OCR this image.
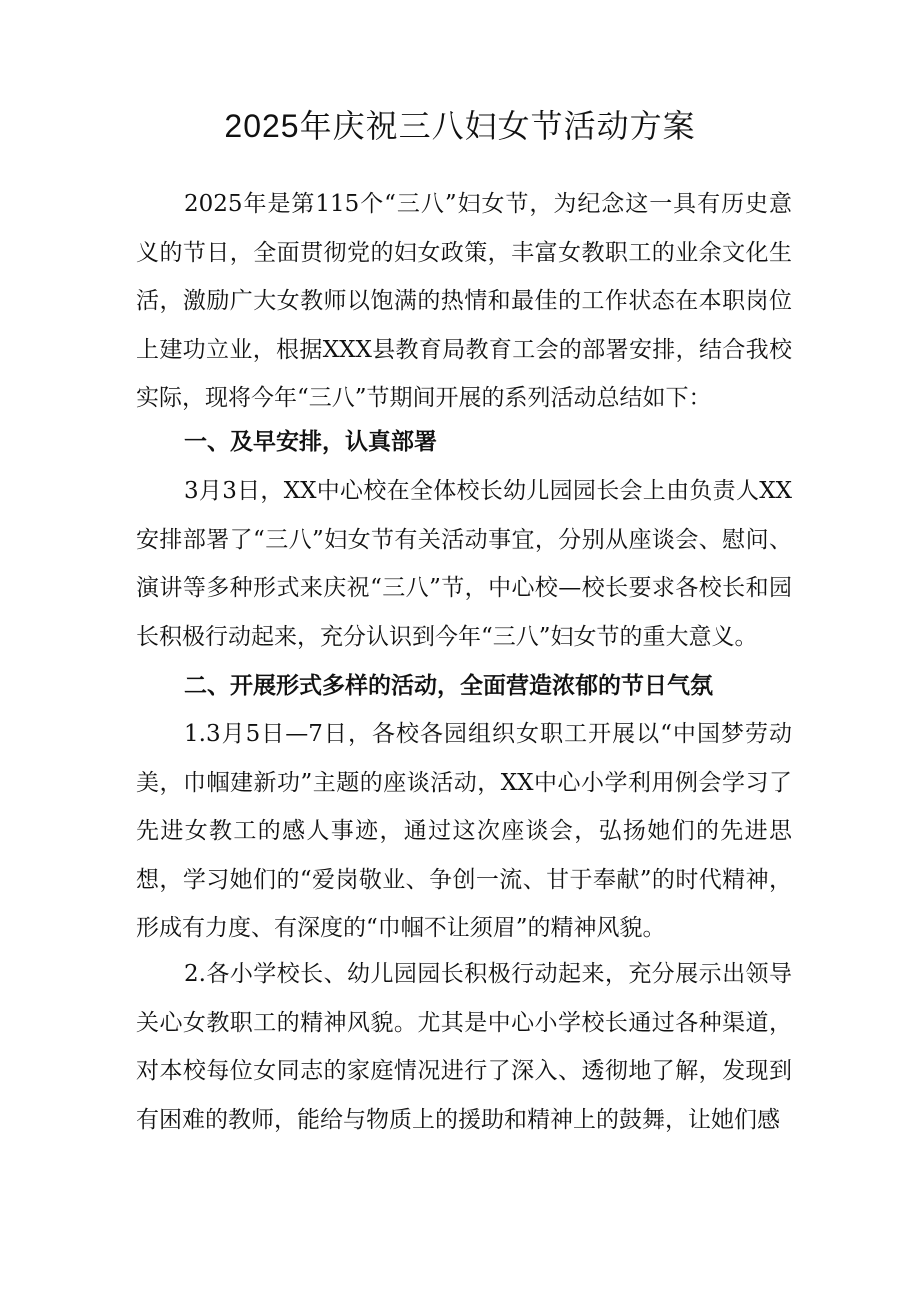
2025年庆祝三八妇女节活动方案

2025年是第115个“三八”妇女节，为纪念这一具有历史意义的节日，全面贯彻党的妇女政策，丰富女教职工的业余文化生活，激励广大女教师以饱满的热情和最佳的工作状态在本职岗位上建功立业，根据XXX县教育局教育工会的部署安排，结合我校实际，现将今年“三八”节期间开展的系列活动总结如下：

一、及早安排，认真部署

3月3日，XX中心校在全体校长幼儿园园长会上由负责人XX安排部署了“三八”妇女节有关活动事宜，分别从座谈会、慰问、演讲等多种形式来庆祝“三八”节，中心校—校长要求各校长和园长积极行动起来，充分认识到今年“三八”妇女节的重大意义。

二、开展形式多样的活动，全面营造浓郁的节日气氛

1.3月5日—7日，各校各园组织女职工开展以“中国梦劳动美，巾帼建新功”主题的座谈活动，XX中心小学利用例会学习了先进女教工的感人事迹，通过这次座谈会，弘扬她们的先进思想，学习她们的“爱岗敬业、争创一流、甘于奉献”的时代精神，形成有力度、有深度的“巾帼不让须眉”的精神风貌。

2.各小学校长、幼儿园园长积极行动起来，充分展示出领导关心女教职工的精神风貌。尤其是中心小学校长通过各种渠道，对本校每位女同志的家庭情况进行了深入、透彻地了解，发现到有困难的教师，能给与物质上的援助和精神上的鼓舞，让她们感
